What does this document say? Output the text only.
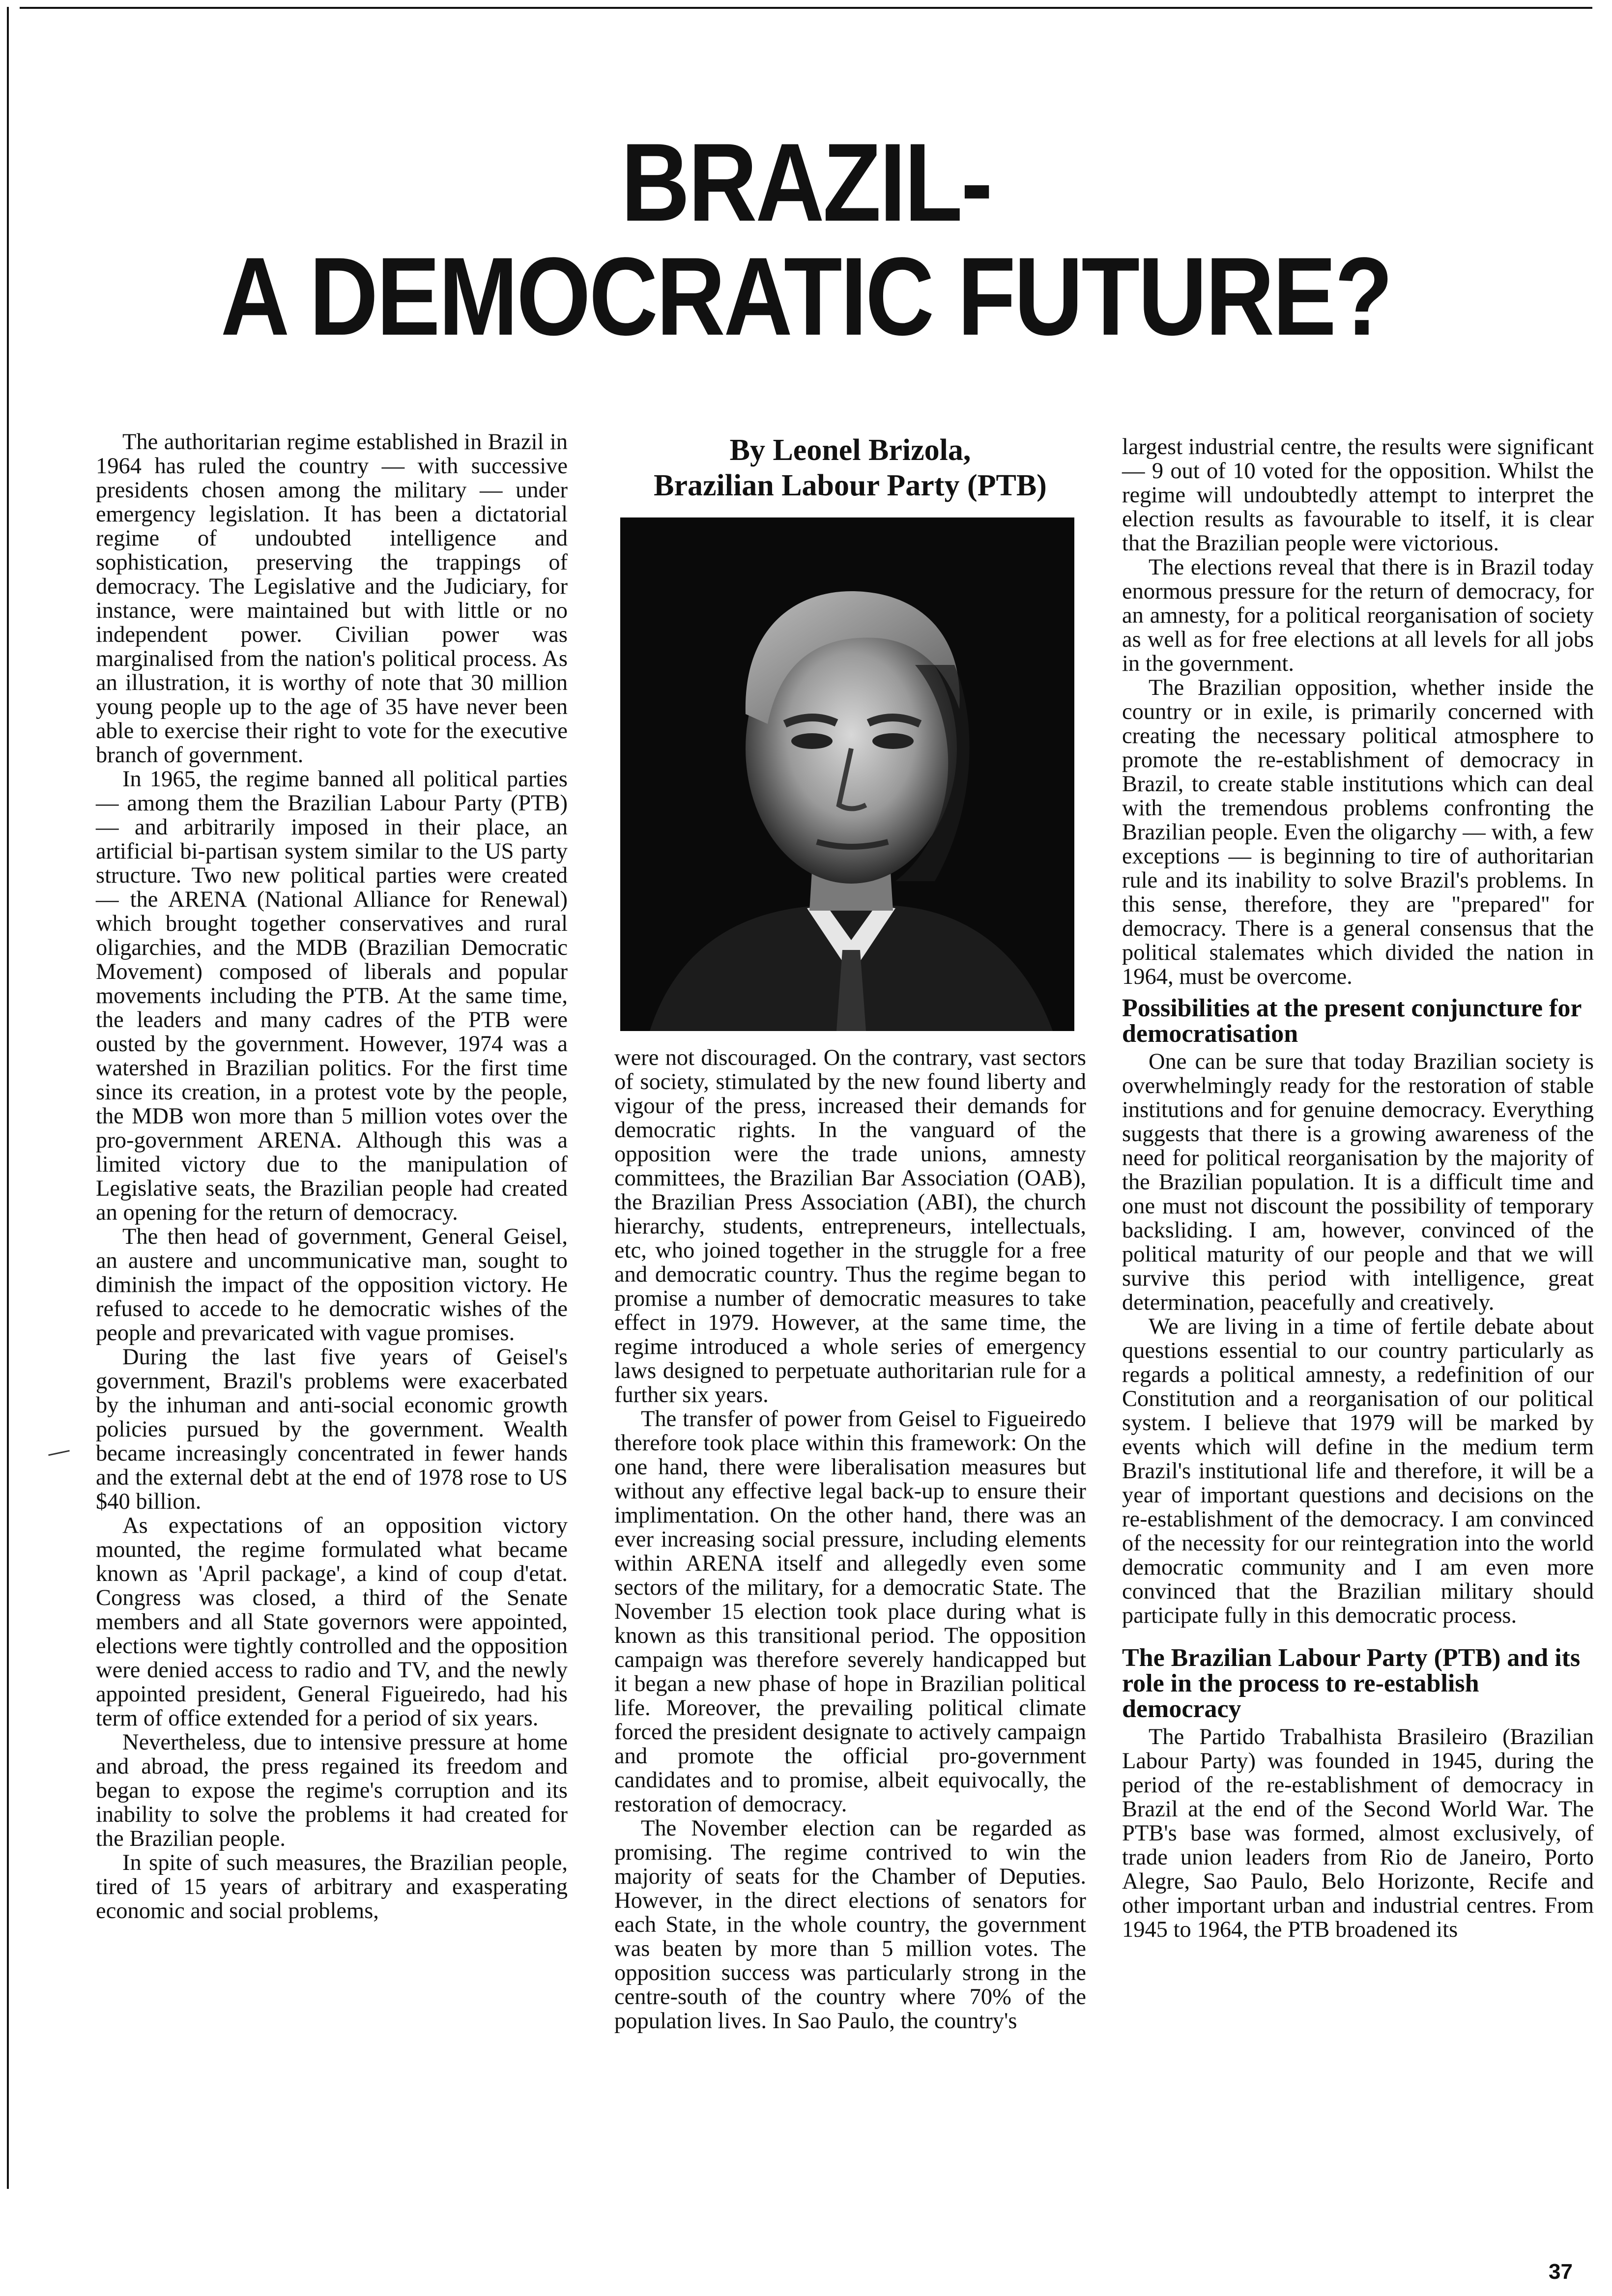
BRAZIL-
A DEMOCRATIC FUTURE?

The authoritarian regime established in Brazil in 1964 has ruled the country — with successive presidents chosen among the military — under emergency legislation. It has been a dictatorial regime of undoubted intelligence and sophistication, preserving the trappings of democracy. The Legislative and the Judiciary, for instance, were maintained but with little or no independent power. Civilian power was marginalised from the nation's political process. As an illustration, it is worthy of note that 30 million young people up to the age of 35 have never been able to exercise their right to vote for the executive branch of government.

In 1965, the regime banned all political parties — among them the Brazilian Labour Party (PTB) — and arbitrarily imposed in their place, an artificial bi-partisan system similar to the US party structure. Two new political parties were created — the ARENA (National Alliance for Renewal) which brought together conservatives and rural oligarchies, and the MDB (Brazilian Democratic Movement) composed of liberals and popular movements including the PTB. At the same time, the leaders and many cadres of the PTB were ousted by the government. However, 1974 was a watershed in Brazilian politics. For the first time since its creation, in a protest vote by the people, the MDB won more than 5 million votes over the pro-government ARENA. Although this was a limited victory due to the manipulation of Legislative seats, the Brazilian people had created an opening for the return of democracy.

The then head of government, General Geisel, an austere and uncommunicative man, sought to diminish the impact of the opposition victory. He refused to accede to he democratic wishes of the people and prevaricated with vague promises.

During the last five years of Geisel's government, Brazil's problems were exacerbated by the inhuman and anti-social economic growth policies pursued by the government. Wealth became increasingly concentrated in fewer hands and the external debt at the end of 1978 rose to US $40 billion.

As expectations of an opposition victory mounted, the regime formulated what became known as 'April package', a kind of coup d'etat. Congress was closed, a third of the Senate members and all State governors were appointed, elections were tightly controlled and the opposition were denied access to radio and TV, and the newly appointed president, General Figueiredo, had his term of office extended for a period of six years.

Nevertheless, due to intensive pressure at home and abroad, the press regained its freedom and began to expose the regime's corruption and its inability to solve the problems it had created for the Brazilian people.

In spite of such measures, the Brazilian people, tired of 15 years of arbitrary and exasperating economic and social problems,

By Leonel Brizola,
Brazilian Labour Party (PTB)

were not discouraged. On the contrary, vast sectors of society, stimulated by the new found liberty and vigour of the press, increased their demands for democratic rights. In the vanguard of the opposition were the trade unions, amnesty committees, the Brazilian Bar Association (OAB), the Brazilian Press Association (ABI), the church hierarchy, students, entrepreneurs, intellectuals, etc, who joined together in the struggle for a free and democratic country. Thus the regime began to promise a number of democratic measures to take effect in 1979. However, at the same time, the regime introduced a whole series of emergency laws designed to perpetuate authoritarian rule for a further six years.

The transfer of power from Geisel to Figueiredo therefore took place within this framework: On the one hand, there were liberalisation measures but without any effective legal back-up to ensure their implimentation. On the other hand, there was an ever increasing social pressure, including elements within ARENA itself and allegedly even some sectors of the military, for a democratic State. The November 15 election took place during what is known as this transitional period. The opposition campaign was therefore severely handicapped but it began a new phase of hope in Brazilian political life. Moreover, the prevailing political climate forced the president designate to actively campaign and promote the official pro-government candidates and to promise, albeit equivocally, the restoration of democracy.

The November election can be regarded as promising. The regime contrived to win the majority of seats for the Chamber of Deputies. However, in the direct elections of senators for each State, in the whole country, the government was beaten by more than 5 million votes. The opposition success was particularly strong in the centre-south of the country where 70% of the population lives. In Sao Paulo, the country's

largest industrial centre, the results were significant — 9 out of 10 voted for the opposition. Whilst the regime will undoubtedly attempt to interpret the election results as favourable to itself, it is clear that the Brazilian people were victorious.

The elections reveal that there is in Brazil today enormous pressure for the return of democracy, for an amnesty, for a political reorganisation of society as well as for free elections at all levels for all jobs in the government.

The Brazilian opposition, whether inside the country or in exile, is primarily concerned with creating the necessary political atmosphere to promote the re-establishment of democracy in Brazil, to create stable institutions which can deal with the tremendous problems confronting the Brazilian people. Even the oligarchy — with, a few exceptions — is beginning to tire of authoritarian rule and its inability to solve Brazil's problems. In this sense, therefore, they are "prepared" for democracy. There is a general consensus that the political stalemates which divided the nation in 1964, must be overcome.

Possibilities at the present conjuncture for democratisation

One can be sure that today Brazilian society is overwhelmingly ready for the restoration of stable institutions and for genuine democracy. Everything suggests that there is a growing awareness of the need for political reorganisation by the majority of the Brazilian population. It is a difficult time and one must not discount the possibility of temporary backsliding. I am, however, convinced of the political maturity of our people and that we will survive this period with intelligence, great determination, peacefully and creatively.

We are living in a time of fertile debate about questions essential to our country particularly as regards a political amnesty, a redefinition of our Constitution and a reorganisation of our political system. I believe that 1979 will be marked by events which will define in the medium term Brazil's institutional life and therefore, it will be a year of important questions and decisions on the re-establishment of the democracy. I am convinced of the necessity for our reintegration into the world democratic community and I am even more convinced that the Brazilian military should participate fully in this democratic process.

The Brazilian Labour Party (PTB) and its role in the process to re-establish democracy

The Partido Trabalhista Brasileiro (Brazilian Labour Party) was founded in 1945, during the period of the re-establishment of democracy in Brazil at the end of the Second World War. The PTB's base was formed, almost exclusively, of trade union leaders from Rio de Janeiro, Porto Alegre, Sao Paulo, Belo Horizonte, Recife and other important urban and industrial centres. From 1945 to 1964, the PTB broadened its

37
